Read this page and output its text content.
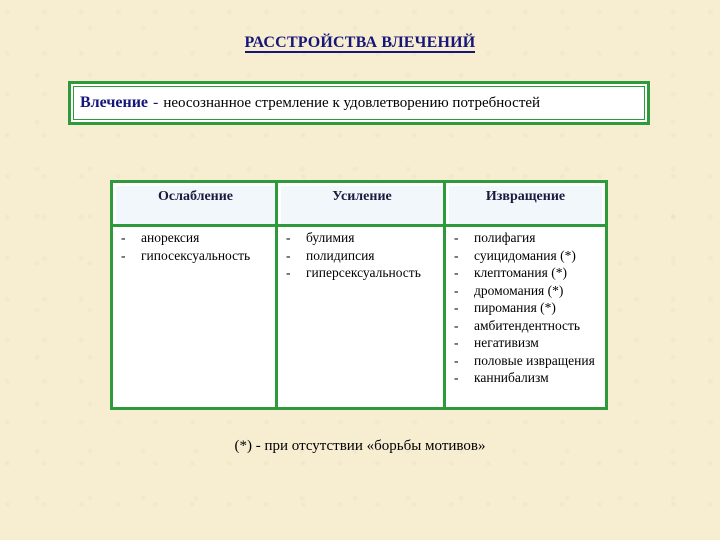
РАССТРОЙСТВА ВЛЕЧЕНИЙ
Влечение - неосознанное стремление к удовлетворению потребностей
Ослабление	Усиление	Извращение
- анорексия
- гипосексуальность
- булимия
- полидипсия
- гиперсексуальность
- полифагия
- суицидомания (*)
- клептомания (*)
- дромомания (*)
- пиромания (*)
- амбитендентность
- негативизм
- половые извращения
- каннибализм
(*) - при отсутствии «борьбы мотивов»
